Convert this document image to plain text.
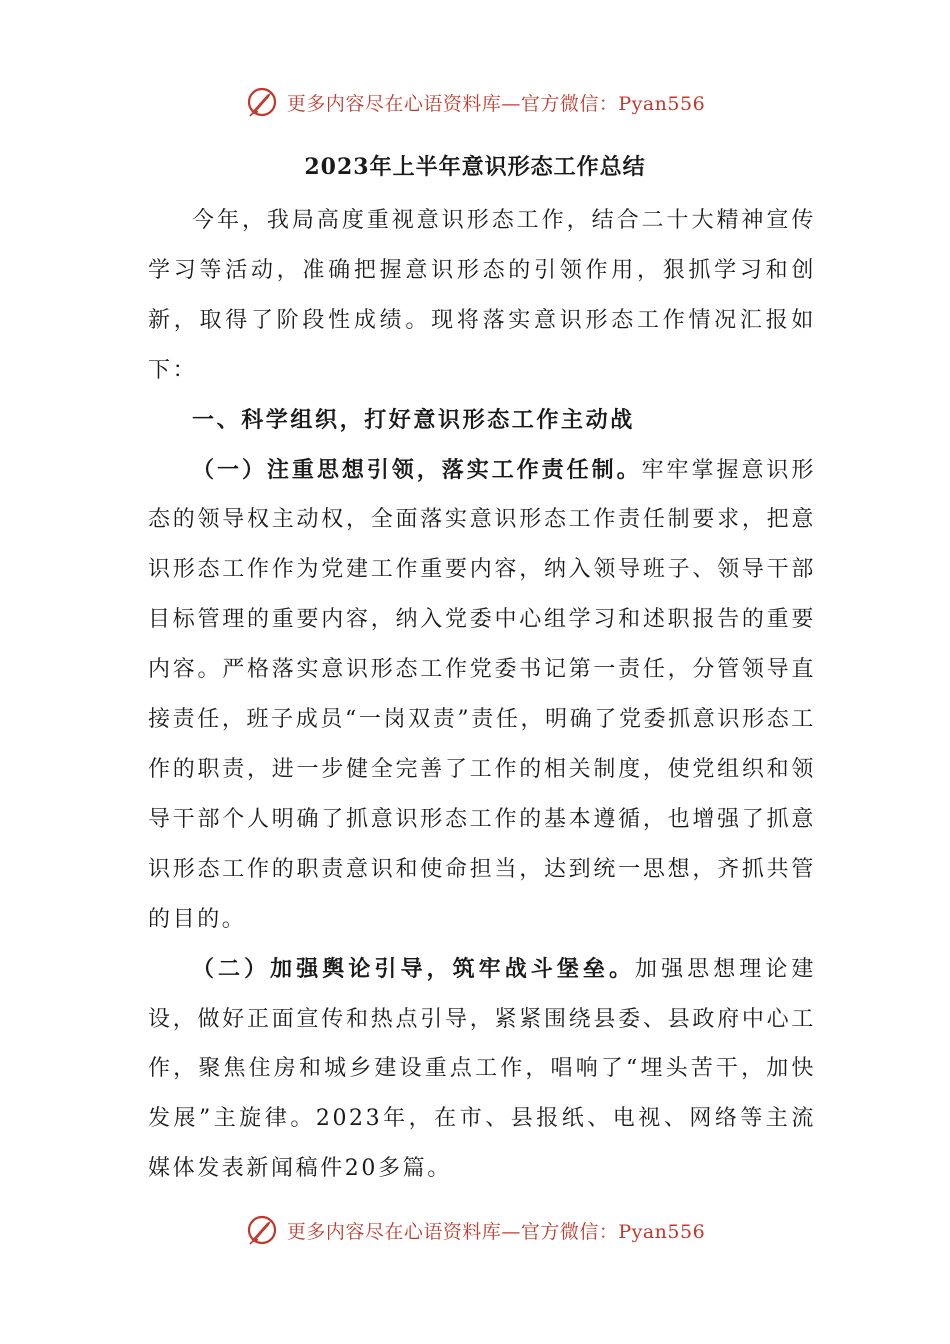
更多内容尽在心语资料库—官方微信：Pyan556
2023年上半年意识形态工作总结

今年，我局高度重视意识形态工作，结合二十大精神宣传学习等活动，准确把握意识形态的引领作用，狠抓学习和创新，取得了阶段性成绩。现将落实意识形态工作情况汇报如下：

一、科学组织，打好意识形态工作主动战

（一）注重思想引领，落实工作责任制。牢牢掌握意识形态的领导权主动权，全面落实意识形态工作责任制要求，把意识形态工作作为党建工作重要内容，纳入领导班子、领导干部目标管理的重要内容，纳入党委中心组学习和述职报告的重要内容。严格落实意识形态工作党委书记第一责任，分管领导直接责任，班子成员“一岗双责”责任，明确了党委抓意识形态工作的职责，进一步健全完善了工作的相关制度，使党组织和领导干部个人明确了抓意识形态工作的基本遵循，也增强了抓意识形态工作的职责意识和使命担当，达到统一思想，齐抓共管的目的。

（二）加强舆论引导，筑牢战斗堡垒。加强思想理论建设，做好正面宣传和热点引导，紧紧围绕县委、县政府中心工作，聚焦住房和城乡建设重点工作，唱响了“埋头苦干，加快发展”主旋律。2023年，在市、县报纸、电视、网络等主流媒体发表新闻稿件20多篇。

更多内容尽在心语资料库—官方微信：Pyan556
